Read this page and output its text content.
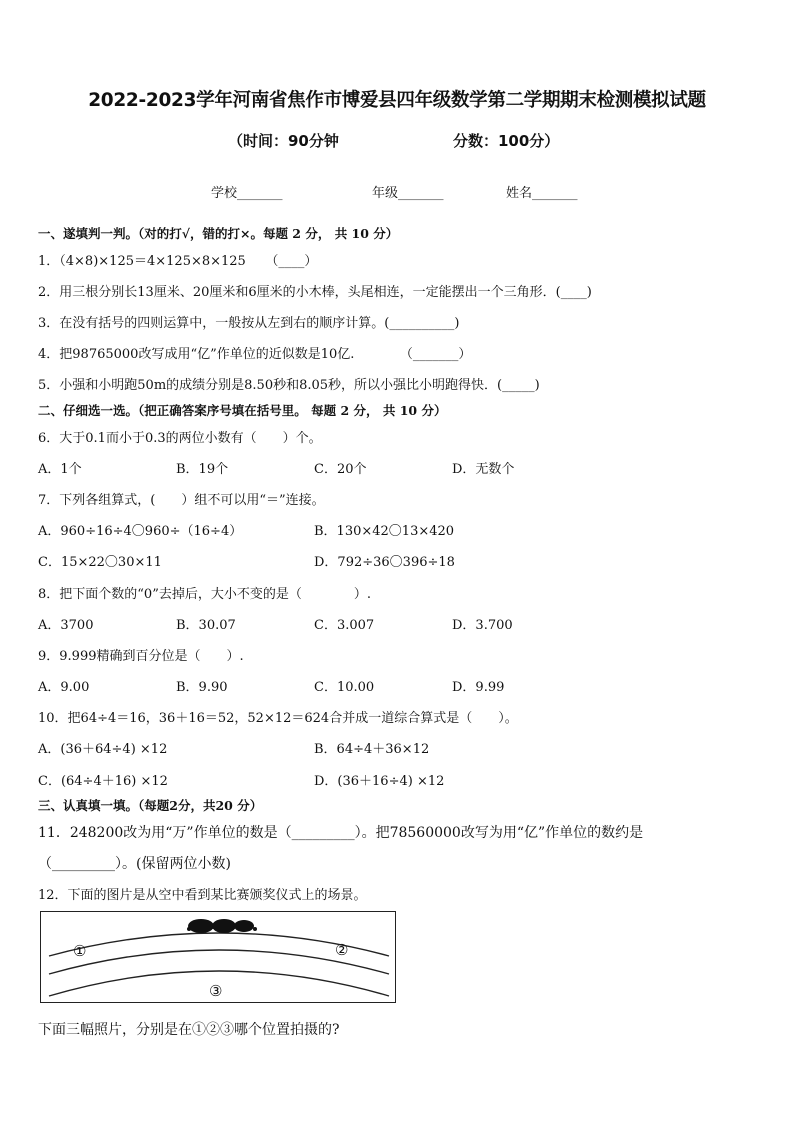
2022-2023学年河南省焦作市博爱县四年级数学第二学期期末检测模拟试题
（时间：90分钟	分数：100分）
学校_______	年级_______	姓名_______
一、遂填判一判。（对的打√，错的打×。每题 2 分， 共 10 分）
1．（4×8)×125＝4×125×8×125　　（____）
2．用三根分别长13厘米、20厘米和6厘米的小木棒，头尾相连，一定能摆出一个三角形．(____)
3．在没有括号的四则运算中，一般按从左到右的顺序计算。(__________)
4．把98765000改写成用“亿”作单位的近似数是10亿.　　　　（_______）
5．小强和小明跑50m的成绩分别是8.50秒和8.05秒，所以小强比小明跑得快．(_____)
二、仔细选一选。（把正确答案序号填在括号里。 每题 2 分， 共 10 分）
6．大于0.1而小于0.3的两位小数有（　　）个。
A．1个	B．19个	C．20个	D．无数个
7．下列各组算式，(　　）组不可以用“＝”连接。
A．960÷16÷4〇960÷（16÷4）	B．130×42〇13×420
C．15×22〇30×11	D．792÷36〇396÷18
8．把下面个数的“0”去掉后，大小不变的是（　　　　）.
A．3700	B．30.07	C．3.007	D．3.700
9．9.999精确到百分位是（　　）.
A．9.00	B．9.90	C．10.00	D．9.99
10．把64÷4＝16，36＋16＝52，52×12＝624合并成一道综合算式是（　　）。
A．(36＋64÷4) ×12	B．64÷4＋36×12
C．(64÷4＋16) ×12	D．(36＋16÷4) ×12
三、认真填一填。（每题2分，共20 分）
11．248200改为用“万”作单位的数是（_________）。把78560000改写为用“亿”作单位的数约是
（_________）。(保留两位小数)
12．下面的图片是从空中看到某比赛颁奖仪式上的场景。
①	②
③
下面三幅照片，分别是在①②③哪个位置拍摄的?
